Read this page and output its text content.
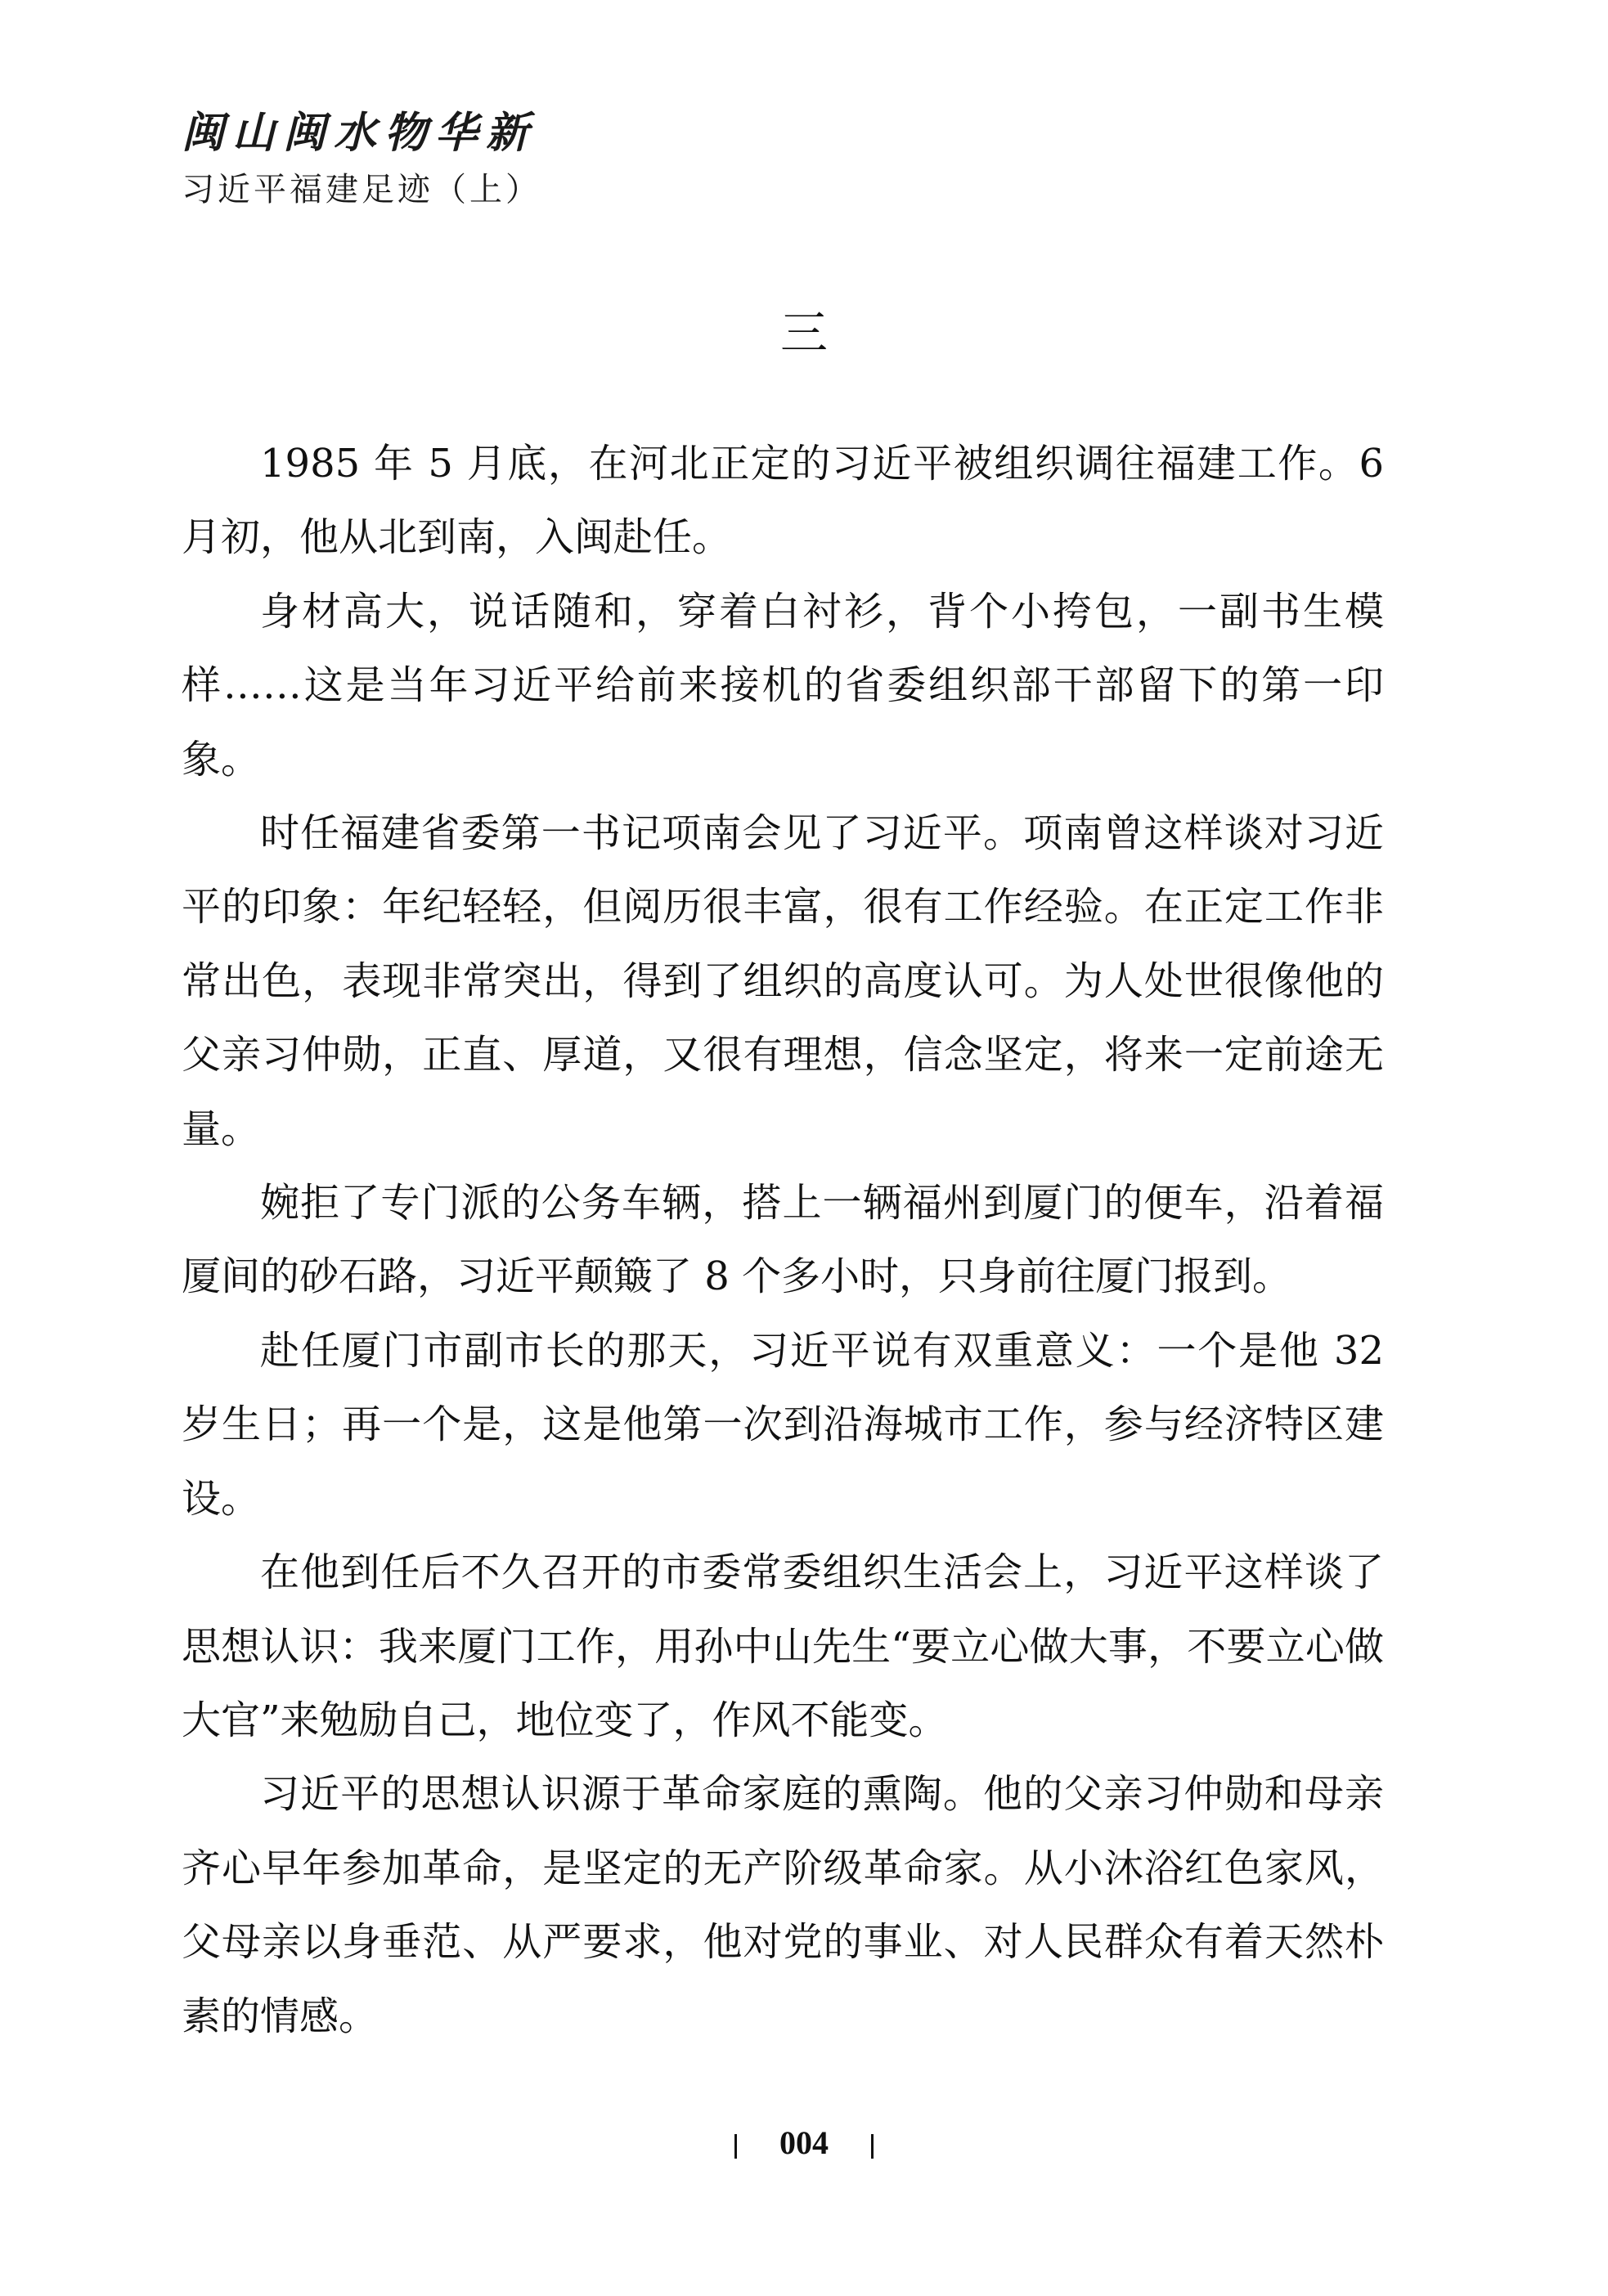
闽山闽水物华新
习近平福建足迹（上）
三

1985 年 5 月底，在河北正定的习近平被组织调往福建工作。6 月初，他从北到南，入闽赴任。

身材高大，说话随和，穿着白衬衫，背个小挎包，一副书生模样……这是当年习近平给前来接机的省委组织部干部留下的第一印象。

时任福建省委第一书记项南会见了习近平。项南曾这样谈对习近平的印象：年纪轻轻，但阅历很丰富，很有工作经验。在正定工作非常出色，表现非常突出，得到了组织的高度认可。为人处世很像他的父亲习仲勋，正直、厚道，又很有理想，信念坚定，将来一定前途无量。

婉拒了专门派的公务车辆，搭上一辆福州到厦门的便车，沿着福厦间的砂石路，习近平颠簸了 8 个多小时，只身前往厦门报到。

赴任厦门市副市长的那天，习近平说有双重意义：一个是他 32 岁生日；再一个是，这是他第一次到沿海城市工作，参与经济特区建设。

在他到任后不久召开的市委常委组织生活会上，习近平这样谈了思想认识：我来厦门工作，用孙中山先生“要立心做大事，不要立心做大官”来勉励自己，地位变了，作风不能变。

习近平的思想认识源于革命家庭的熏陶。他的父亲习仲勋和母亲齐心早年参加革命，是坚定的无产阶级革命家。从小沐浴红色家风，父母亲以身垂范、从严要求，他对党的事业、对人民群众有着天然朴素的情感。

004
